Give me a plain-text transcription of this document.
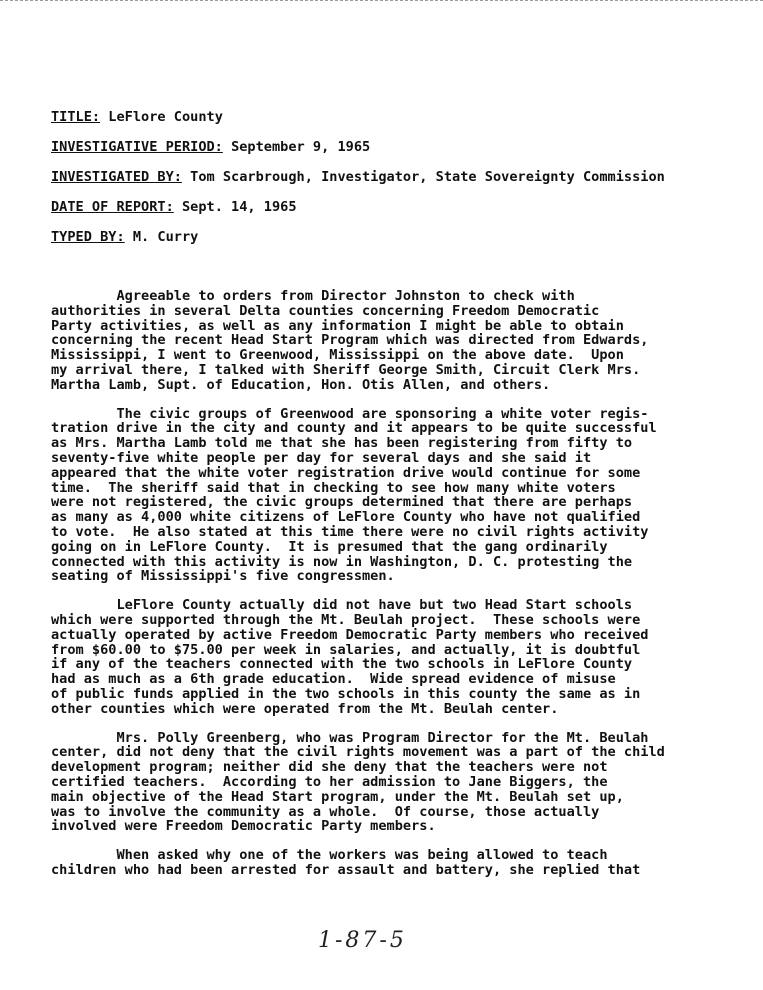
TITLE: LeFlore County
INVESTIGATIVE PERIOD: September 9, 1965
INVESTIGATED BY: Tom Scarbrough, Investigator, State Sovereignty Commission
DATE OF REPORT: Sept. 14, 1965
TYPED BY: M. Curry
Agreeable to orders from Director Johnston to check with
authorities in several Delta counties concerning Freedom Democratic
Party activities, as well as any information I might be able to obtain
concerning the recent Head Start Program which was directed from Edwards,
Mississippi, I went to Greenwood, Mississippi on the above date.  Upon
my arrival there, I talked with Sheriff George Smith, Circuit Clerk Mrs.
Martha Lamb, Supt. of Education, Hon. Otis Allen, and others.
The civic groups of Greenwood are sponsoring a white voter regis-
tration drive in the city and county and it appears to be quite successful
as Mrs. Martha Lamb told me that she has been registering from fifty to
seventy-five white people per day for several days and she said it
appeared that the white voter registration drive would continue for some
time.  The sheriff said that in checking to see how many white voters
were not registered, the civic groups determined that there are perhaps
as many as 4,000 white citizens of LeFlore County who have not qualified
to vote.  He also stated at this time there were no civil rights activity
going on in LeFlore County.  It is presumed that the gang ordinarily
connected with this activity is now in Washington, D. C. protesting the
seating of Mississippi's five congressmen.
LeFlore County actually did not have but two Head Start schools
which were supported through the Mt. Beulah project.  These schools were
actually operated by active Freedom Democratic Party members who received
from $60.00 to $75.00 per week in salaries, and actually, it is doubtful
if any of the teachers connected with the two schools in LeFlore County
had as much as a 6th grade education.  Wide spread evidence of misuse
of public funds applied in the two schools in this county the same as in
other counties which were operated from the Mt. Beulah center.
Mrs. Polly Greenberg, who was Program Director for the Mt. Beulah
center, did not deny that the civil rights movement was a part of the child
development program; neither did she deny that the teachers were not
certified teachers.  According to her admission to Jane Biggers, the
main objective of the Head Start program, under the Mt. Beulah set up,
was to involve the community as a whole.  Of course, those actually
involved were Freedom Democratic Party members.
When asked why one of the workers was being allowed to teach
children who had been arrested for assault and battery, she replied that
1-87-5
